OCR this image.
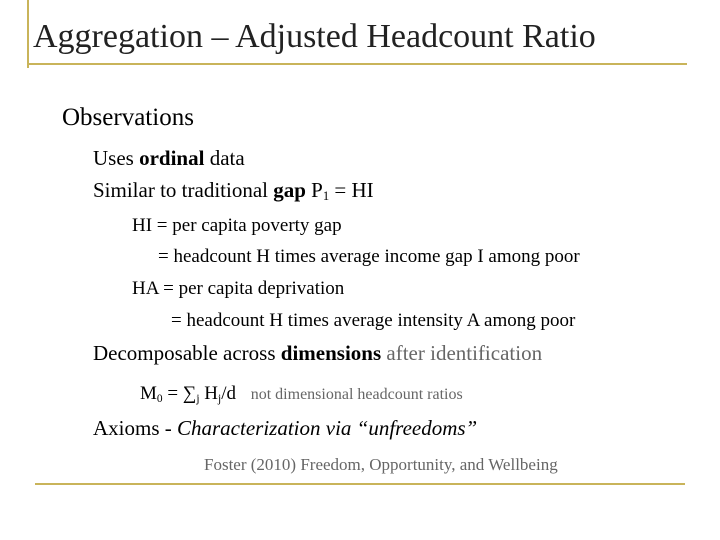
Aggregation – Adjusted Headcount Ratio
Observations
Uses ordinal data
Similar to traditional gap $P_1$ = HI
HI = per capita poverty gap
= headcount H times average income gap I among poor
HA = per capita deprivation
= headcount H times average intensity A among poor
Decomposable across dimensions after identification
$M_0 = \sum_j$ $H_j/d$ not dimensional headcount ratios
Axioms - Characterization via “unfreedoms”
Foster (2010) Freedom, Opportunity, and Wellbeing
